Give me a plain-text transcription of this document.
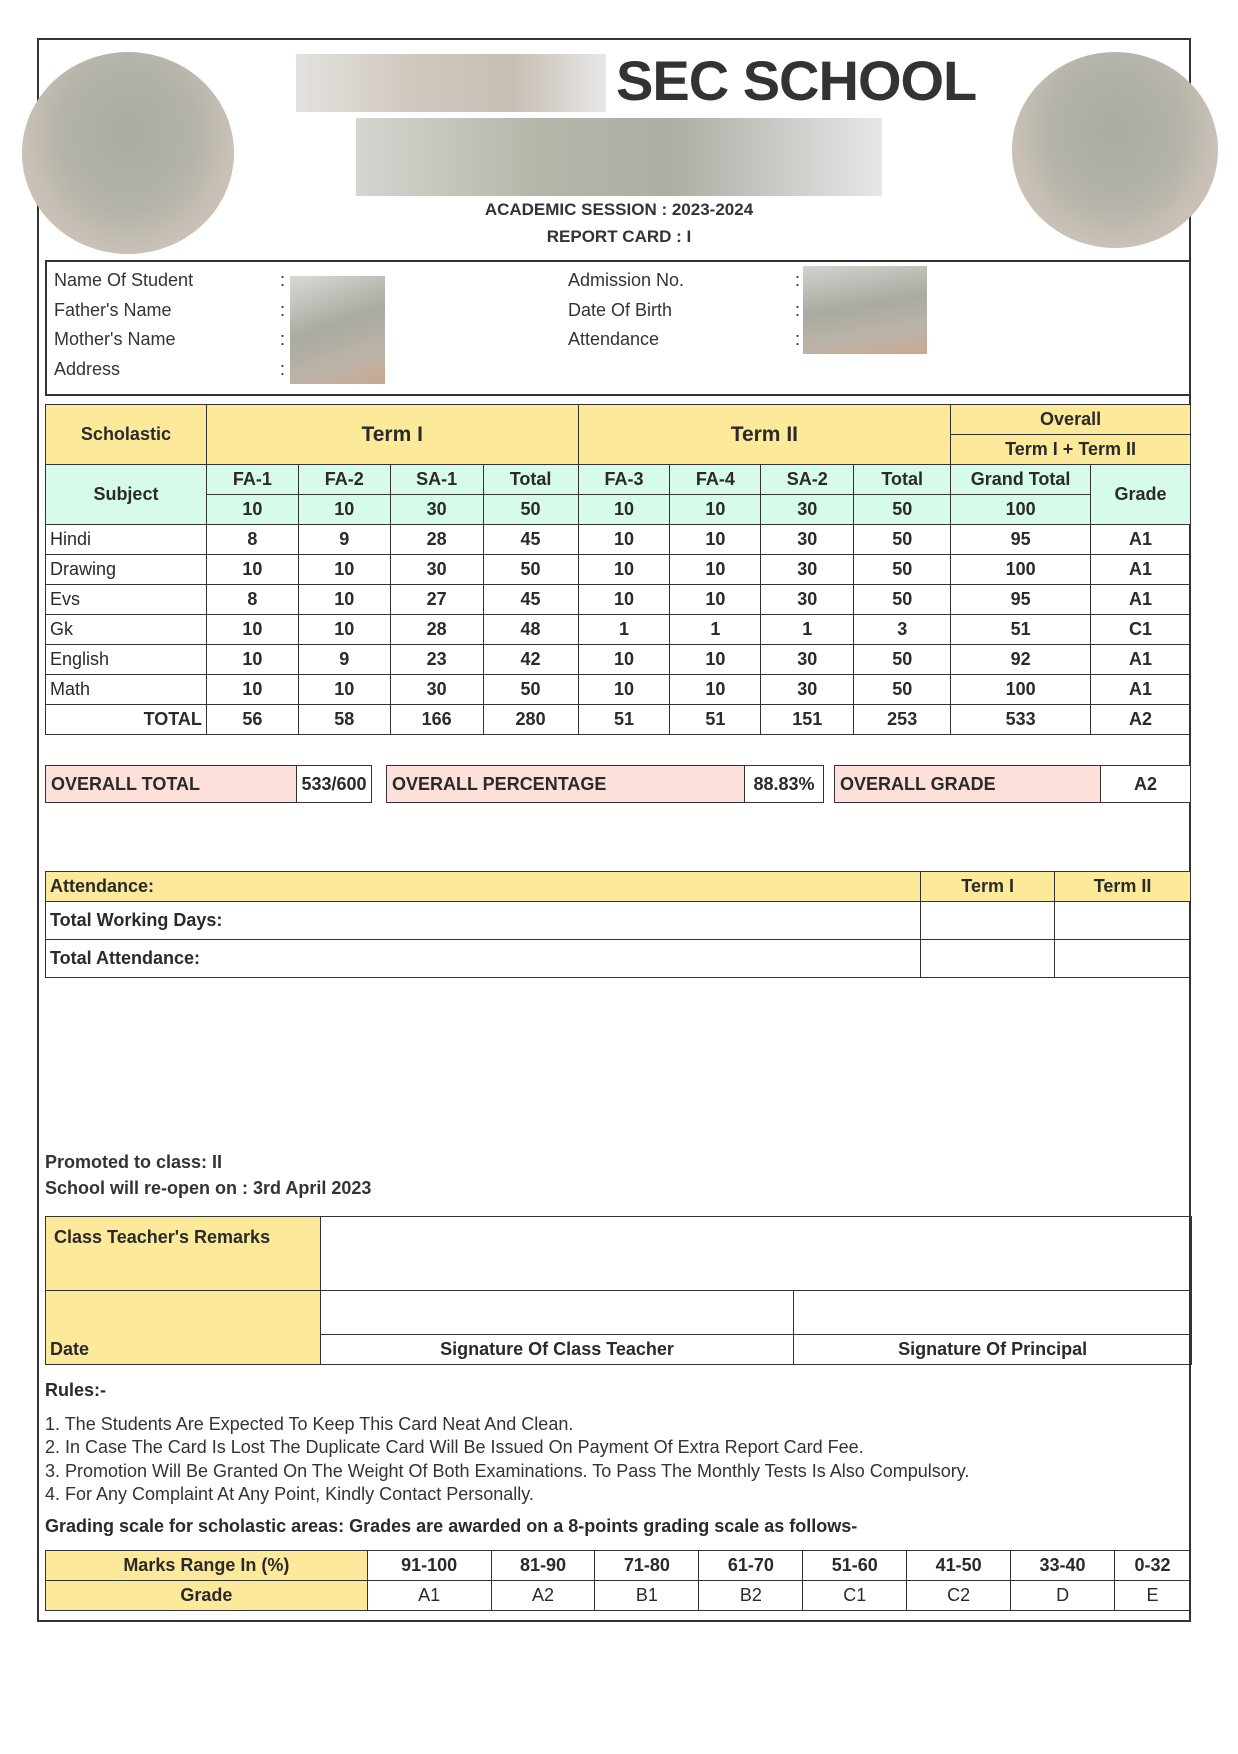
SEC SCHOOL
ACADEMIC SESSION : 2023-2024
REPORT CARD : I
Name Of Student
Father's Name
Mother's Name
Address
:
:
:
:
Admission No.
Date Of Birth
Attendance
:
:
:
Scholastic	Term I				Term II				Overall	
									Term I + Term II	
Subject	FA-1	FA-2	SA-1	Total	FA-3	FA-4	SA-2	Total	Grand Total	Grade
	10	10	30	50	10	10	30	50	100	
Hindi	8	9	28	45	10	10	30	50	95	A1
Drawing	10	10	30	50	10	10	30	50	100	A1
Evs	8	10	27	45	10	10	30	50	95	A1
Gk	10	10	28	48	1	1	1	3	51	C1
English	10	9	23	42	10	10	30	50	92	A1
Math	10	10	30	50	10	10	30	50	100	A1
TOTAL	56	58	166	280	51	51	151	253	533	A2
OVERALL TOTAL	533/600 OVERALL PERCENTAGE	88.83%	OVERALL GRADE	A2
Attendance:	Term I	Term II
Total Working Days:		
Total Attendance:		
Promoted to class: II
School will re-open on : 3rd April 2023
Class Teacher's Remarks		
Date		
	Signature Of Class Teacher	Signature Of Principal
Rules:-
1. The Students Are Expected To Keep This Card Neat And Clean.
2. In Case The Card Is Lost The Duplicate Card Will Be Issued On Payment Of Extra Report Card Fee.
3. Promotion Will Be Granted On The Weight Of Both Examinations. To Pass The Monthly Tests Is Also Compulsory.
4. For Any Complaint At Any Point, Kindly Contact Personally.
Grading scale for scholastic areas: Grades are awarded on a 8-points grading scale as follows-
Marks Range In (%)	91-100	81-90	71-80	61-70	51-60	41-50	33-40	0-32
Grade	A1	A2	B1	B2	C1	C2	D	E
